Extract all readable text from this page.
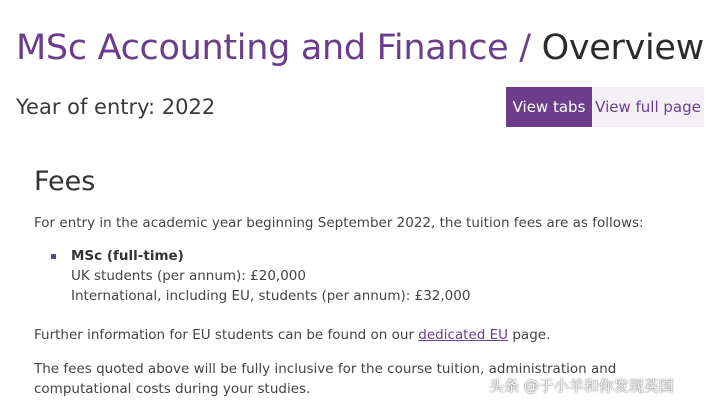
MSc Accounting and Finance / Overview
Year of entry: 2022	View tabs View full page
Fees
For entry in the academic year beginning September 2022, the tuition fees are as follows:
MSc (full-time)
UK students (per annum): £20,000
International, including EU, students (per annum): £32,000
Further information for EU students can be found on our dedicated EU page.
The fees quoted above will be fully inclusive for the course tuition, administration and computational costs during your studies.	头条 @于小羊和你发现英国
